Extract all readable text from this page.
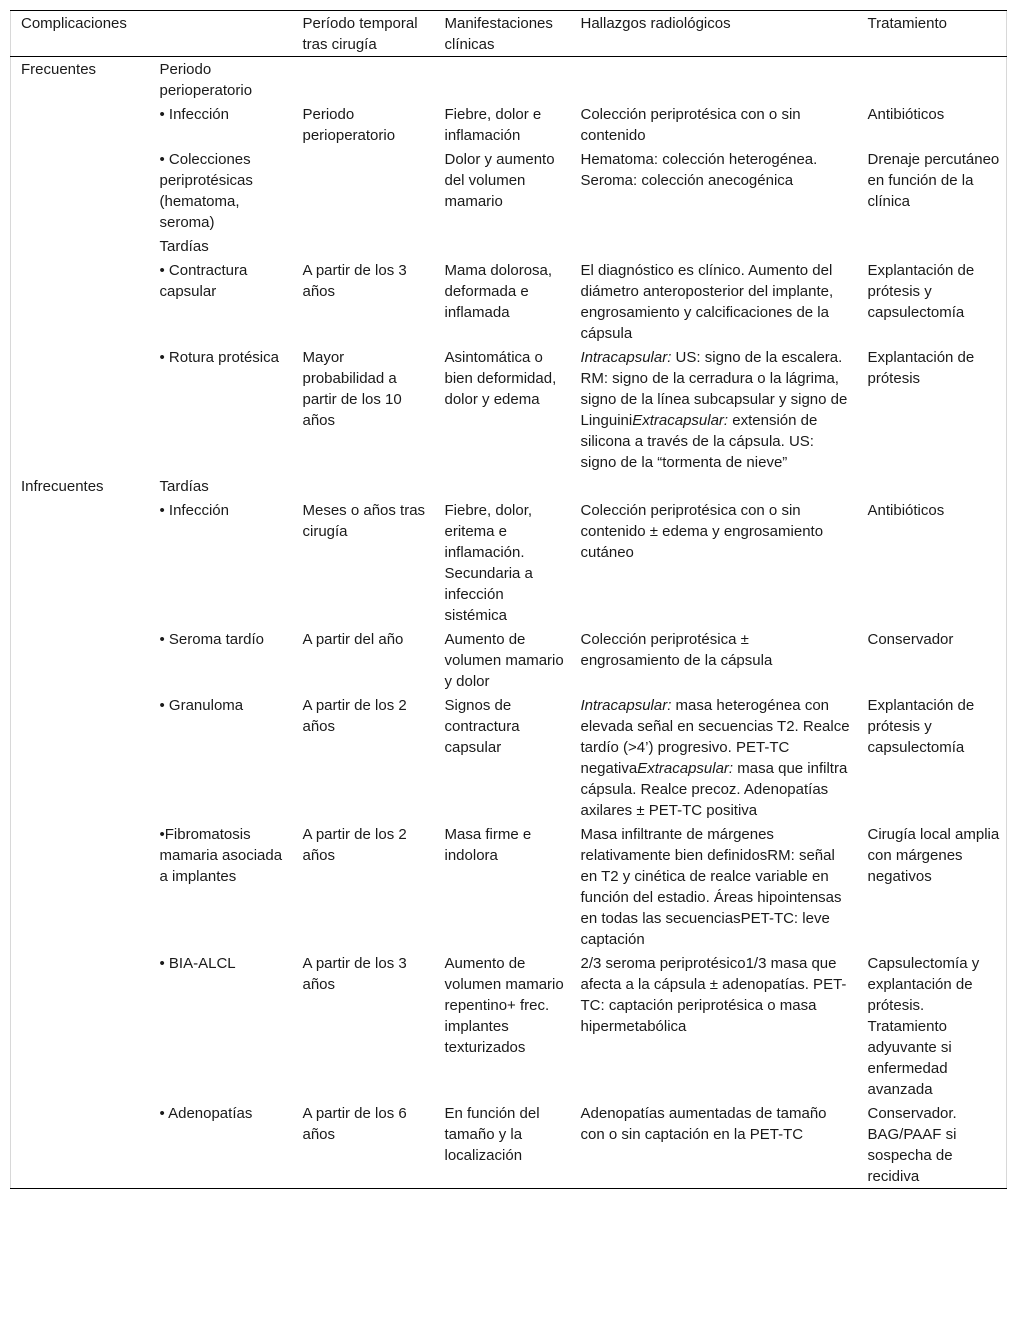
Complicaciones		Período temporal tras cirugía	Manifestaciones clínicas	Hallazgos radiológicos	Tratamiento
Frecuentes	Periodo perioperatorio				
	• Infección	Periodo perioperatorio	Fiebre, dolor e inflamación	Colección periprotésica con o sin contenido	Antibióticos
	• Colecciones periprotésicas (hematoma, seroma)		Dolor y aumento del volumen mamario	Hematoma: colección heterogénea. Seroma: colección anecogénica	Drenaje percutáneo en función de la clínica
	Tardías				
	• Contractura capsular	A partir de los 3 años	Mama dolorosa, deformada e inflamada	El diagnóstico es clínico. Aumento del diámetro anteroposterior del implante, engrosamiento y calcificaciones de la cápsula	Explantación de prótesis y capsulectomía
	• Rotura protésica	Mayor probabilidad a partir de los 10 años	Asintomática o bien deformidad, dolor y edema	Intracapsular: US: signo de la escalera. RM: signo de la cerradura o la lágrima, signo de la línea subcapsular y signo de LinguiniExtracapsular: extensión de silicona a través de la cápsula. US: signo de la “tormenta de nieve”	Explantación de prótesis
Infrecuentes	Tardías				
	• Infección	Meses o años tras cirugía	Fiebre, dolor, eritema e inflamación. Secundaria a infección sistémica	Colección periprotésica con o sin contenido ± edema y engrosamiento cutáneo	Antibióticos
	• Seroma tardío	A partir del año	Aumento de volumen mamario y dolor	Colección periprotésica ± engrosamiento de la cápsula	Conservador
	• Granuloma	A partir de los 2 años	Signos de contractura capsular	Intracapsular: masa heterogénea con elevada señal en secuencias T2. Realce tardío (>4’) progresivo. PET-TC negativaExtracapsular: masa que infiltra cápsula. Realce precoz. Adenopatías axilares ± PET-TC positiva	Explantación de prótesis y capsulectomía
	•Fibromatosis mamaria asociada a implantes	A partir de los 2 años	Masa firme e indolora	Masa infiltrante de márgenes relativamente bien definidosRM: señal en T2 y cinética de realce variable en función del estadio. Áreas hipointensas en todas las secuenciasPET-TC: leve captación	Cirugía local amplia con márgenes negativos
	• BIA-ALCL	A partir de los 3 años	Aumento de volumen mamario repentino+ frec. implantes texturizados	2/3 seroma periprotésico1/3 masa que afecta a la cápsula ± adenopatías. PET-TC: captación periprotésica o masa hipermetabólica	Capsulectomía y explantación de prótesis. Tratamiento adyuvante si enfermedad avanzada
	• Adenopatías	A partir de los 6 años	En función del tamaño y la localización	Adenopatías aumentadas de tamaño con o sin captación en la PET-TC	Conservador. BAG/PAAF si sospecha de recidiva
